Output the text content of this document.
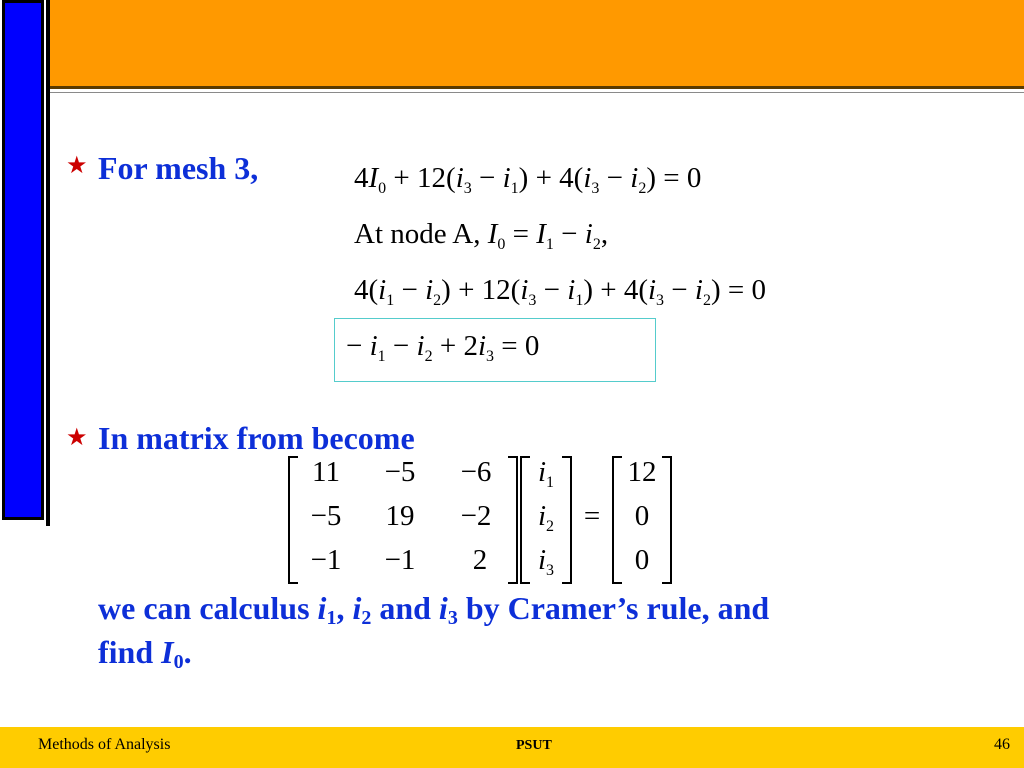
★ For mesh 3,	$4I_0 + 12(i_3 - i_1) + 4(i_3 - i_2) = 0$
At node A, $I_0 = I_1 - i_2$,
$4(i_1 - i_2) + 12(i_3 - i_1) + 4(i_3 - i_2) = 0$
− $i_1 - i_2 + 2i_3 = 0$
★ In matrix from become
11	−5	−6
−5	19	−2
−1	−1	2
$i_1$
$i_2$
$i_3$
=
12
0
0
we can calculus $i_1$, $i_2$ and $i_3$ by Cramer’s rule, and
find $I_0$.
Methods of Analysis	PSUT	46
